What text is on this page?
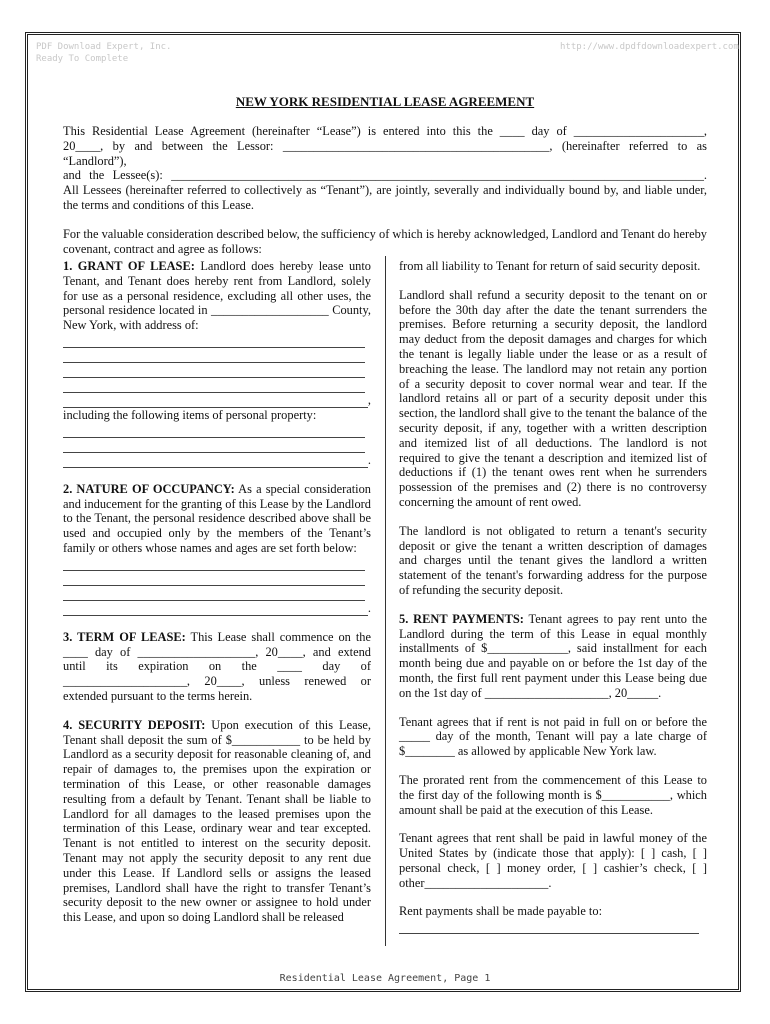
PDF Download Expert, Inc.
Ready To Complete
http://www.dpdfdownloadexpert.com
NEW YORK RESIDENTIAL LEASE AGREEMENT

This Residential Lease Agreement (hereinafter “Lease”) is entered into this the ____ day of _____________________,

20____, by and between the Lessor: ___________________________________________, (hereinafter referred to as “Landlord”),

and the Lessee(s): ______________________________________________________________________________________.

All Lessees (hereinafter referred to collectively as “Tenant”), are jointly, severally and individually bound by, and liable under,

the terms and conditions of this Lease.

For the valuable consideration described below, the sufficiency of which is hereby acknowledged, Landlord and Tenant do hereby covenant, contract and agree as follows:

1. GRANT OF LEASE: Landlord does hereby lease unto Tenant, and Tenant does hereby rent from Landlord, solely for use as a personal residence, excluding all other uses, the personal residence located in ___________________ County, New York, with address of:

,

including the following items of personal property:

.

2. NATURE OF OCCUPANCY: As a special consideration and inducement for the granting of this Lease by the Landlord to the Tenant, the personal residence described above shall be used and occupied only by the members of the Tenant’s family or others whose names and ages are set forth below:

.

3. TERM OF LEASE: This Lease shall commence on the ____ day of ___________________, 20____, and extend until its expiration on the ____ day of ____________________, 20____, unless renewed or extended pursuant to the terms herein.

4. SECURITY DEPOSIT: Upon execution of this Lease, Tenant shall deposit the sum of $___________ to be held by Landlord as a security deposit for reasonable cleaning of, and repair of damages to, the premises upon the expiration or termination of this Lease, or other reasonable damages resulting from a default by Tenant. Tenant shall be liable to Landlord for all damages to the leased premises upon the termination of this Lease, ordinary wear and tear excepted. Tenant is not entitled to interest on the security deposit. Tenant may not apply the security deposit to any rent due under this Lease. If Landlord sells or assigns the leased premises, Landlord shall have the right to transfer Tenant’s security deposit to the new owner or assignee to hold under this Lease, and upon so doing Landlord shall be released

from all liability to Tenant for return of said security deposit.

Landlord shall refund a security deposit to the tenant on or before the 30th day after the date the tenant surrenders the premises. Before returning a security deposit, the landlord may deduct from the deposit damages and charges for which the tenant is legally liable under the lease or as a result of breaching the lease. The landlord may not retain any portion of a security deposit to cover normal wear and tear. If the landlord retains all or part of a security deposit under this section, the landlord shall give to the tenant the balance of the security deposit, if any, together with a written description and itemized list of all deductions. The landlord is not required to give the tenant a description and itemized list of deductions if (1) the tenant owes rent when he surrenders possession of the premises and (2) there is no controversy concerning the amount of rent owed.

The landlord is not obligated to return a tenant's security deposit or give the tenant a written description of damages and charges until the tenant gives the landlord a written statement of the tenant's forwarding address for the purpose of refunding the security deposit.

5. RENT PAYMENTS: Tenant agrees to pay rent unto the Landlord during the term of this Lease in equal monthly installments of $_____________, said installment for each month being due and payable on or before the 1st day of the month, the first full rent payment under this Lease being due on the 1st day of ____________________, 20_____.

Tenant agrees that if rent is not paid in full on or before the _____ day of the month, Tenant will pay a late charge of $________ as allowed by applicable New York law.

The prorated rent from the commencement of this Lease to the first day of the following month is $___________, which amount shall be paid at the execution of this Lease.

Tenant agrees that rent shall be paid in lawful money of the United States by (indicate those that apply): [ ] cash, [ ] personal check, [ ] money order, [ ] cashier’s check, [ ] other____________________.

Rent payments shall be made payable to:

Residential Lease Agreement, Page 1
